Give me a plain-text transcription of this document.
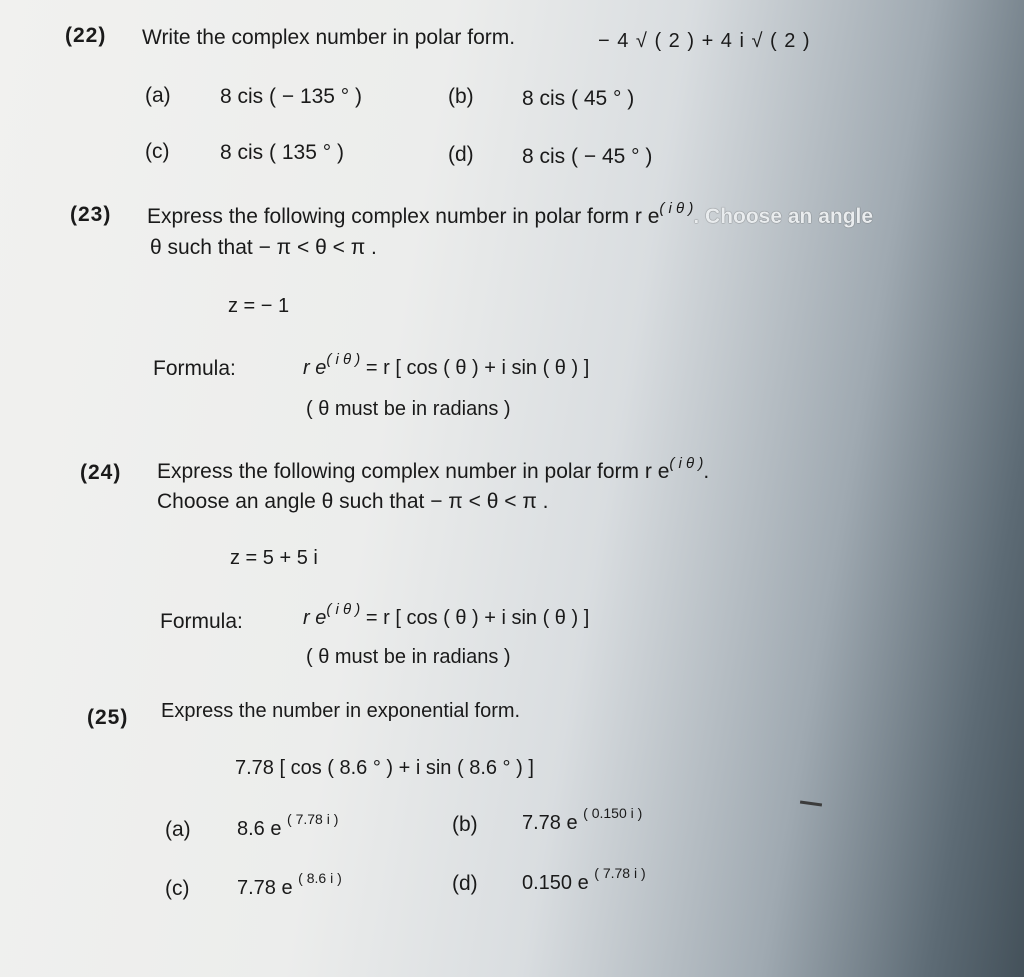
(22) Write the complex number in polar form.	− 4 √ ( 2 ) + 4 i √ ( 2 )
(a) 8 cis ( − 135 ° )	(b) 8 cis ( 45 ° )
(c) 8 cis ( 135 ° )	(d) 8 cis ( − 45 ° )
(23) Express the following complex number in polar form r $e^{( i \theta )}$. Choose an angle
θ such that − π < θ < π .
z = − 1
Formula:	r $e^{( i \theta )} = r$ [ cos ( θ ) + i sin ( θ ) ]
( θ must be in radians )
(24) Express the following complex number in polar form r $e^{( i \theta )}$.
Choose an angle θ such that − π < θ < π .
z = 5 + 5 i
Formula:	r $e^{( i \theta )} = r$ [ cos ( θ ) + i sin ( θ ) ]
( θ must be in radians )
(25) Express the number in exponential form.
7.78 [ cos ( 8.6 ° ) + i sin ( 8.6 ° ) ]
(a) 8.6 e $^{( 7.78 i )}$	(b) 7.78 e $^{( 0.150 i )}$
(c) 7.78 e $^{( 8.6 i )}$	(d) 0.150 e $^{( 7.78 i )}$
